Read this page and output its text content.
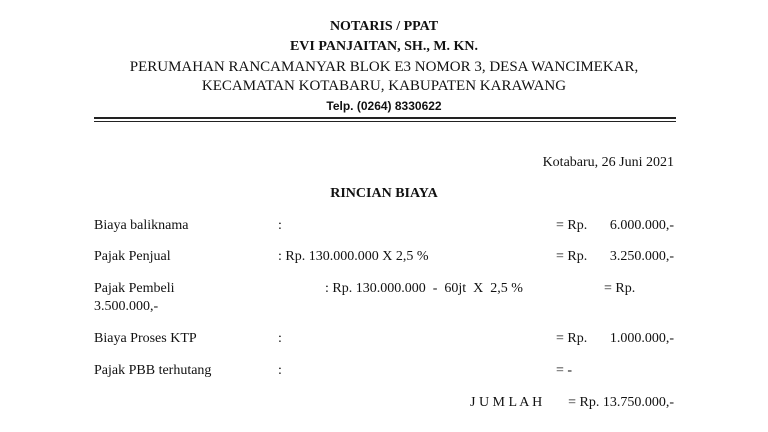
NOTARIS / PPAT
EVI PANJAITAN, SH., M. KN.
PERUMAHAN RANCAMANYAR BLOK E3 NOMOR 3, DESA WANCIMEKAR,
KECAMATAN KOTABARU, KABUPATEN KARAWANG
Telp. (0264) 8330622
Kotabaru, 26 Juni 2021
RINCIAN BIAYA
Biaya baliknama	:	= Rp. 6.000.000,-
Pajak Penjual	: Rp. 130.000.000 X 2,5 %	= Rp. 3.250.000,-
Pajak Pembeli	: Rp. 130.000.000  -  60jt  X  2,5 %	= Rp.
3.500.000,-
Biaya Proses KTP	:	= Rp. 1.000.000,-
Pajak PBB terhutang	:	= -
J U M L A H = Rp. 13.750.000,-
